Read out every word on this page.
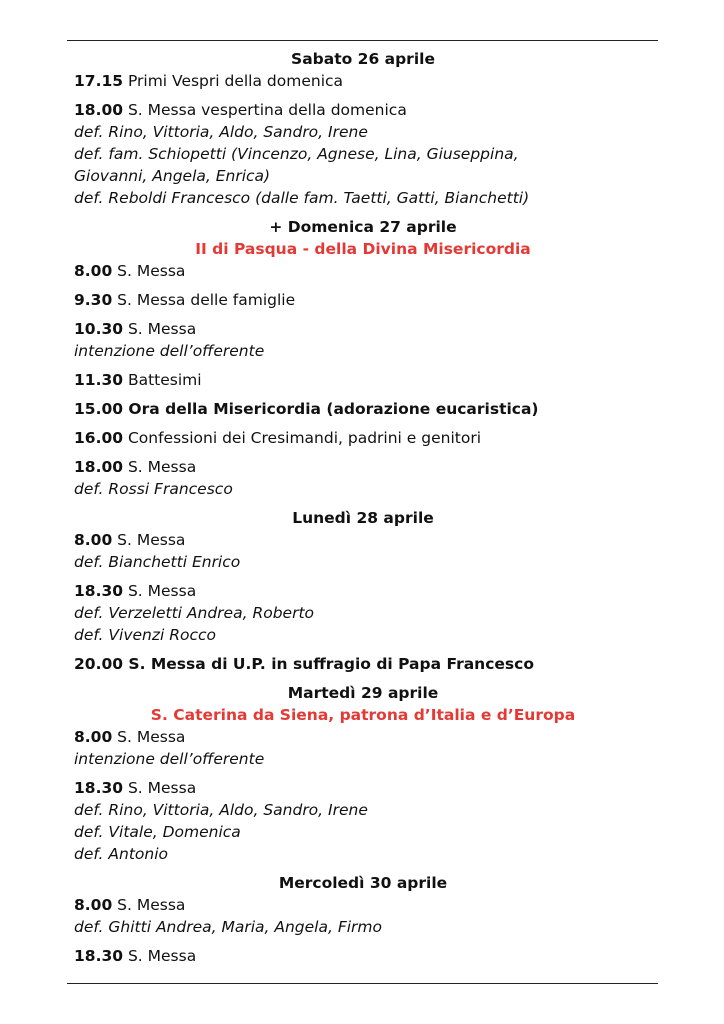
Sabato 26 aprile
17.15 Primi Vespri della domenica
18.00 S. Messa vespertina della domenica
def. Rino, Vittoria, Aldo, Sandro, Irene
def. fam. Schiopetti (Vincenzo, Agnese, Lina, Giuseppina,
Giovanni, Angela, Enrica)
def. Reboldi Francesco (dalle fam. Taetti, Gatti, Bianchetti)
+ Domenica 27 aprile
II di Pasqua - della Divina Misericordia
8.00 S. Messa
9.30 S. Messa delle famiglie
10.30 S. Messa
intenzione dell’offerente
11.30 Battesimi
15.00 Ora della Misericordia (adorazione eucaristica)
16.00 Confessioni dei Cresimandi, padrini e genitori
18.00 S. Messa
def. Rossi Francesco
Lunedì 28 aprile
8.00 S. Messa
def. Bianchetti Enrico
18.30 S. Messa
def. Verzeletti Andrea, Roberto
def. Vivenzi Rocco
20.00 S. Messa di U.P. in suffragio di Papa Francesco
Martedì 29 aprile
S. Caterina da Siena, patrona d’Italia e d’Europa
8.00 S. Messa
intenzione dell’offerente
18.30 S. Messa
def. Rino, Vittoria, Aldo, Sandro, Irene
def. Vitale, Domenica
def. Antonio
Mercoledì 30 aprile
8.00 S. Messa
def. Ghitti Andrea, Maria, Angela, Firmo
18.30 S. Messa
